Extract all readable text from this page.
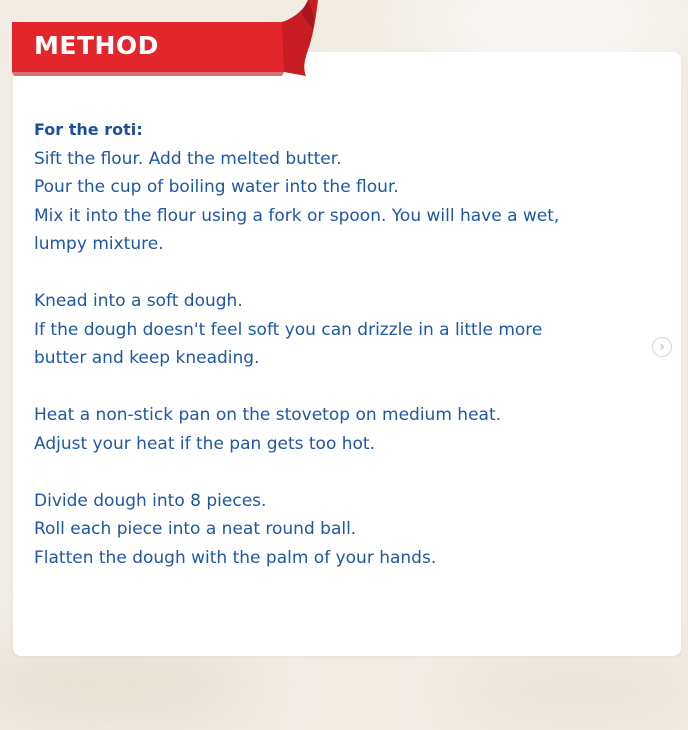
METHOD
For the roti:
Sift the flour. Add the melted butter.
Pour the cup of boiling water into the flour.
Mix it into the flour using a fork or spoon. You will have a wet,
lumpy mixture.
Knead into a soft dough.
If the dough doesn't feel soft you can drizzle in a little more
butter and keep kneading.
Heat a non-stick pan on the stovetop on medium heat.
Adjust your heat if the pan gets too hot.
Divide dough into 8 pieces.
Roll each piece into a neat round ball.
Flatten the dough with the palm of your hands.
›
